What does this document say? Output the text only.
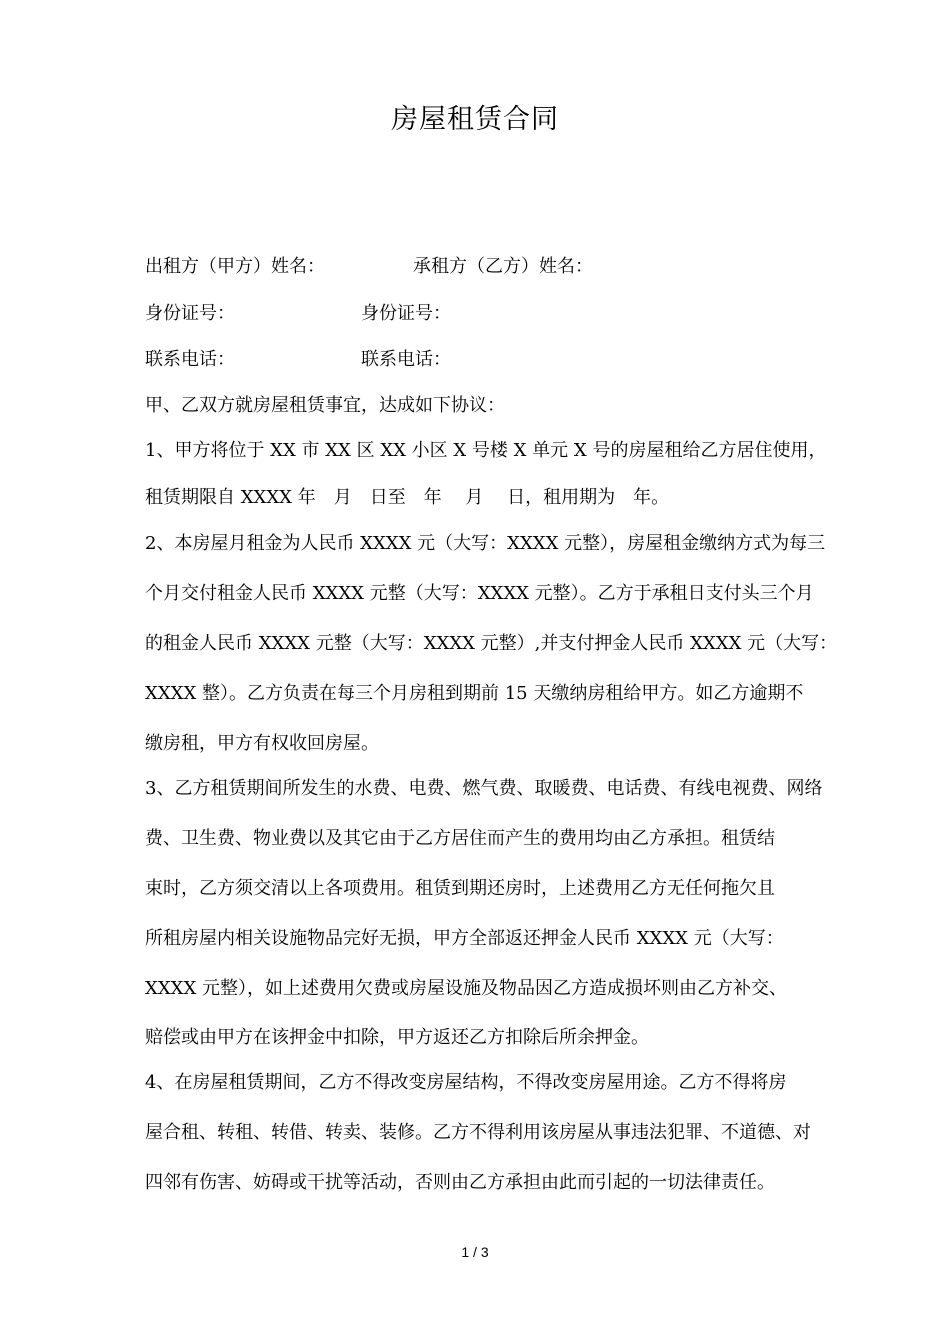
房屋租赁合同
出租方（甲方）姓名：	承租方（乙方）姓名：
身份证号：	身份证号：
联系电话：	联系电话：
甲、乙双方就房屋租赁事宜，达成如下协议：
1、甲方将位于 XX 市 XX 区 XX 小区 X 号楼 X 单元 X 号的房屋租给乙方居住使用，
租赁期限自 XXXX 年　月　日至　年　 月　 日，租用期为　年。
2、本房屋月租金为人民币 XXXX 元（大写：XXXX 元整），房屋租金缴纳方式为每三
个月交付租金人民币 XXXX 元整（大写：XXXX 元整）。乙方于承租日支付头三个月
的租金人民币 XXXX 元整（大写：XXXX 元整）,并支付押金人民币 XXXX 元（大写：
XXXX 整）。乙方负责在每三个月房租到期前 15 天缴纳房租给甲方。如乙方逾期不
缴房租，甲方有权收回房屋。
3、乙方租赁期间所发生的水费、电费、燃气费、取暖费、电话费、有线电视费、网络
费、卫生费、物业费以及其它由于乙方居住而产生的费用均由乙方承担。租赁结
束时，乙方须交清以上各项费用。租赁到期还房时，上述费用乙方无任何拖欠且
所租房屋内相关设施物品完好无损，甲方全部返还押金人民币 XXXX 元（大写：
XXXX 元整），如上述费用欠费或房屋设施及物品因乙方造成损坏则由乙方补交、
赔偿或由甲方在该押金中扣除，甲方返还乙方扣除后所余押金。
4、在房屋租赁期间，乙方不得改变房屋结构，不得改变房屋用途。乙方不得将房
屋合租、转租、转借、转卖、装修。乙方不得利用该房屋从事违法犯罪、不道德、对
四邻有伤害、妨碍或干扰等活动，否则由乙方承担由此而引起的一切法律责任。
1 / 3
